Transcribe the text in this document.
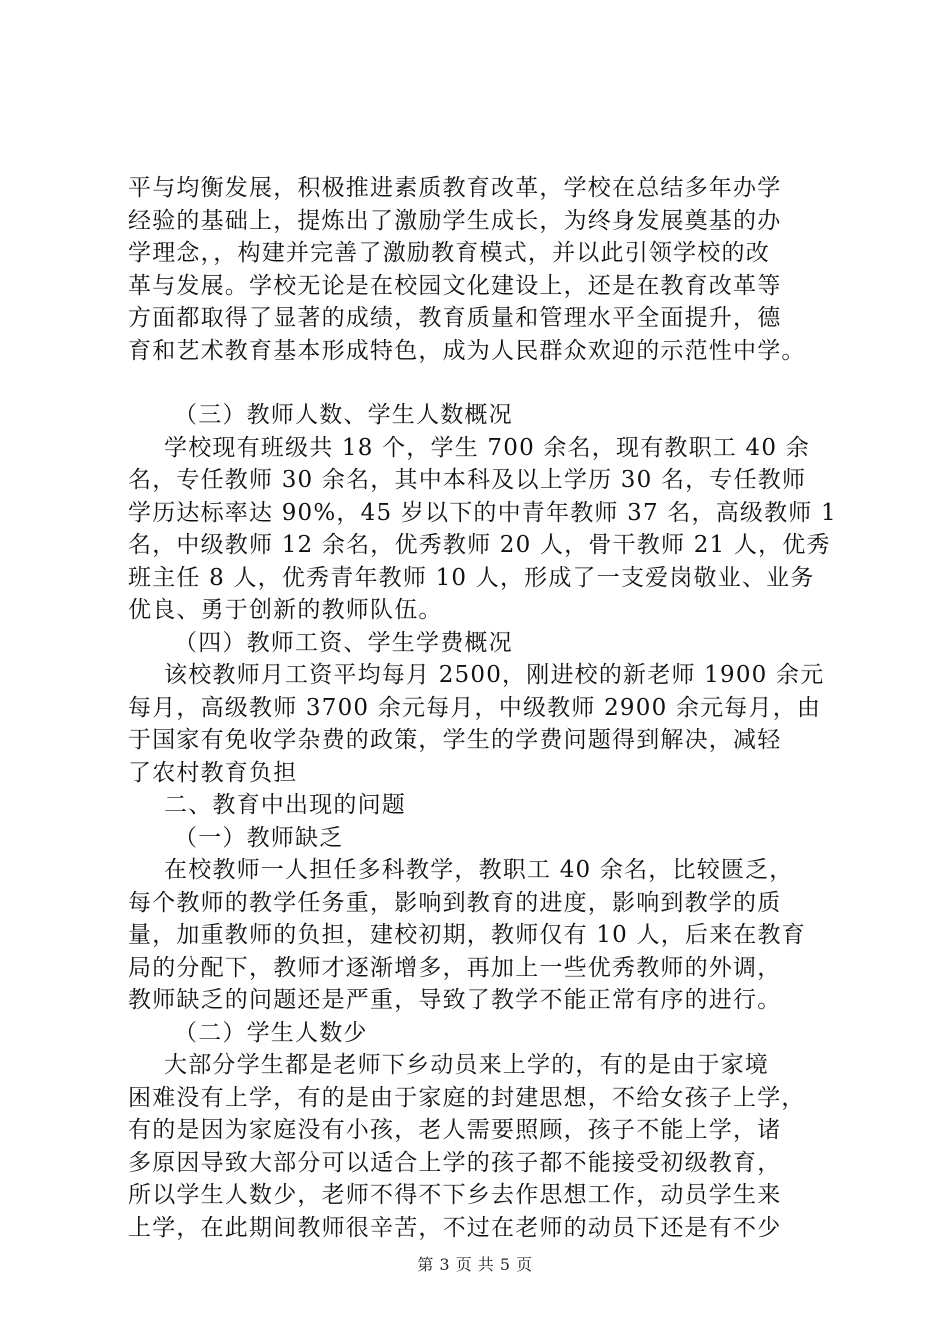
平与均衡发展，积极推进素质教育改革，学校在总结多年办学
经验的基础上，提炼出了激励学生成长，为终身发展奠基的办
学理念，，构建并完善了激励教育模式，并以此引领学校的改
革与发展。学校无论是在校园文化建设上，还是在教育改革等
方面都取得了显著的成绩，教育质量和管理水平全面提升，德
育和艺术教育基本形成特色，成为人民群众欢迎的示范性中学。
（三）教师人数、学生人数概况
学校现有班级共 18 个，学生 700 余名，现有教职工 40 余
名，专任教师 30 余名，其中本科及以上学历 30 名，专任教师
学历达标率达 90%，45 岁以下的中青年教师 37 名，高级教师 1
名，中级教师 12 余名，优秀教师 20 人，骨干教师 21 人，优秀
班主任 8 人，优秀青年教师 10 人，形成了一支爱岗敬业、业务
优良、勇于创新的教师队伍。
（四）教师工资、学生学费概况
该校教师月工资平均每月 2500，刚进校的新老师 1900 余元
每月，高级教师 3700 余元每月，中级教师 2900 余元每月，由
于国家有免收学杂费的政策，学生的学费问题得到解决，减轻
了农村教育负担
二、教育中出现的问题
（一）教师缺乏
在校教师一人担任多科教学，教职工 40 余名，比较匮乏，
每个教师的教学任务重，影响到教育的进度，影响到教学的质
量，加重教师的负担，建校初期，教师仅有 10 人，后来在教育
局的分配下，教师才逐渐增多，再加上一些优秀教师的外调，
教师缺乏的问题还是严重，导致了教学不能正常有序的进行。
（二）学生人数少
大部分学生都是老师下乡动员来上学的，有的是由于家境
困难没有上学，有的是由于家庭的封建思想，不给女孩子上学，
有的是因为家庭没有小孩，老人需要照顾，孩子不能上学，诸
多原因导致大部分可以适合上学的孩子都不能接受初级教育，
所以学生人数少，老师不得不下乡去作思想工作，动员学生来
上学，在此期间教师很辛苦，不过在老师的动员下还是有不少
第 3 页 共 5 页
